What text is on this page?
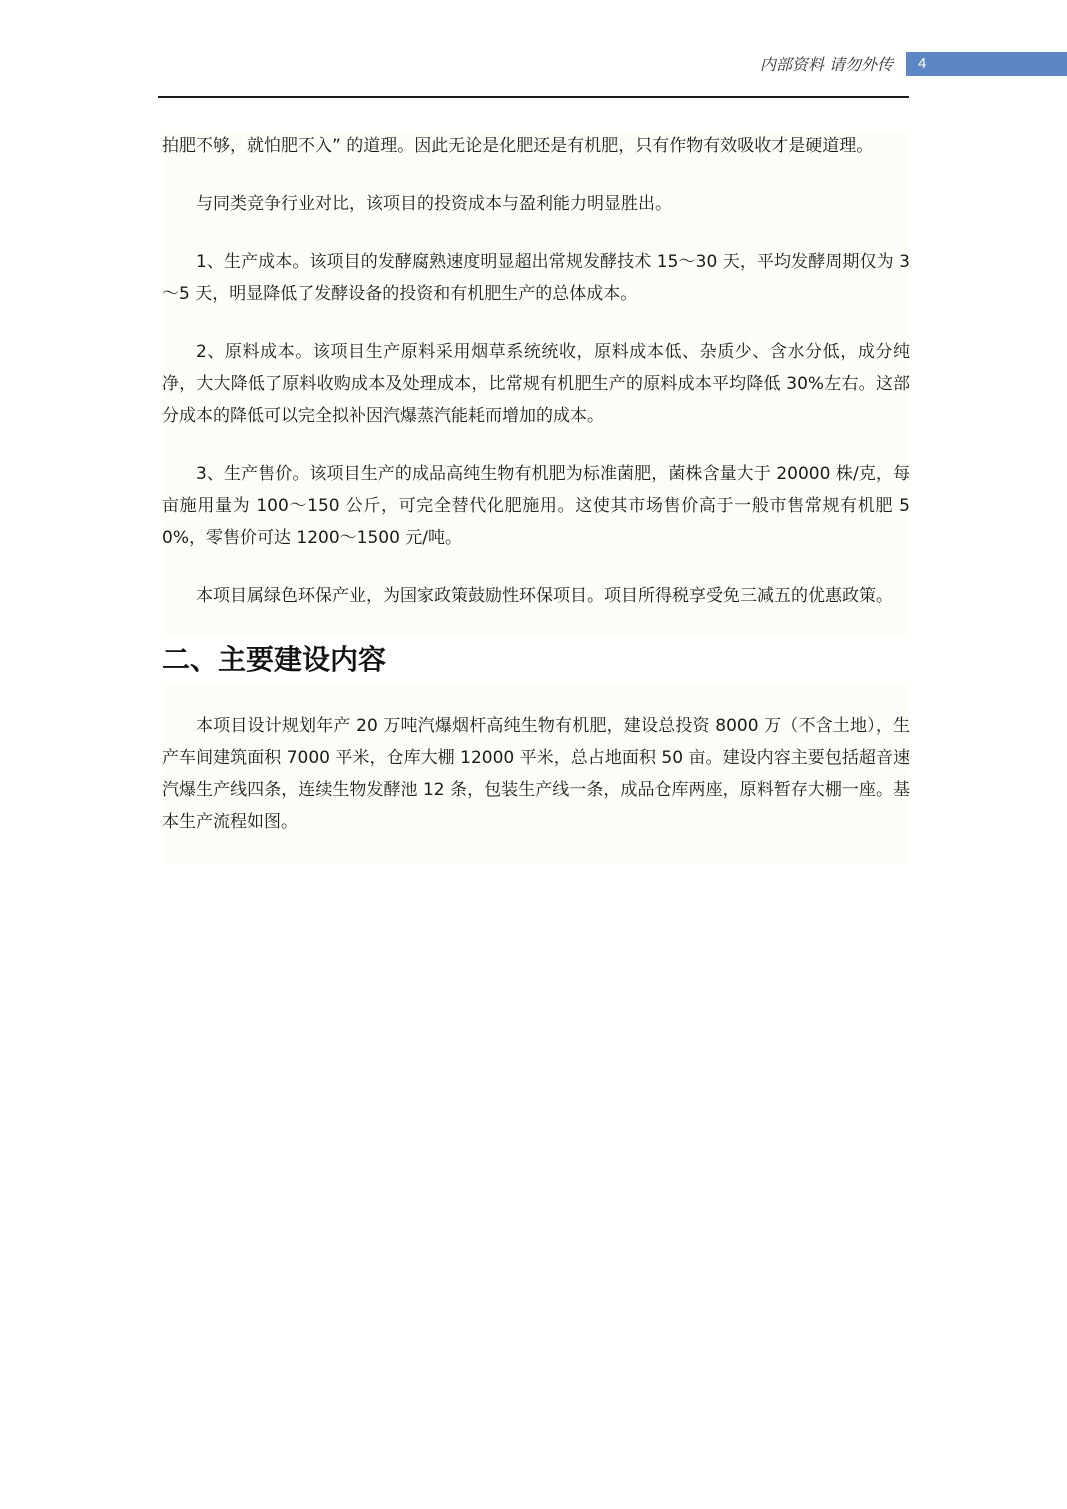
内部资料 请勿外传 4

拍肥不够，就怕肥不入” 的道理。因此无论是化肥还是有机肥，只有作物有效吸收才是硬道理。

与同类竞争行业对比，该项目的投资成本与盈利能力明显胜出。

1、生产成本。该项目的发酵腐熟速度明显超出常规发酵技术 15～30 天，平均发酵周期仅为 3～5 天，明显降低了发酵设备的投资和有机肥生产的总体成本。

2、原料成本。该项目生产原料采用烟草系统统收，原料成本低、杂质少、含水分低，成分纯净，大大降低了原料收购成本及处理成本，比常规有机肥生产的原料成本平均降低 30%左右。这部分成本的降低可以完全拟补因汽爆蒸汽能耗而增加的成本。

3、生产售价。该项目生产的成品高纯生物有机肥为标准菌肥，菌株含量大于 20000 株/克，每亩施用量为 100～150 公斤，可完全替代化肥施用。这使其市场售价高于一般市售常规有机肥 50%，零售价可达 1200～1500 元/吨。

本项目属绿色环保产业，为国家政策鼓励性环保项目。项目所得税享受免三减五的优惠政策。

二、主要建设内容

本项目设计规划年产 20 万吨汽爆烟杆高纯生物有机肥，建设总投资 8000 万（不含土地），生产车间建筑面积 7000 平米，仓库大棚 12000 平米，总占地面积 50 亩。建设内容主要包括超音速汽爆生产线四条，连续生物发酵池 12 条，包装生产线一条，成品仓库两座，原料暂存大棚一座。基本生产流程如图。
